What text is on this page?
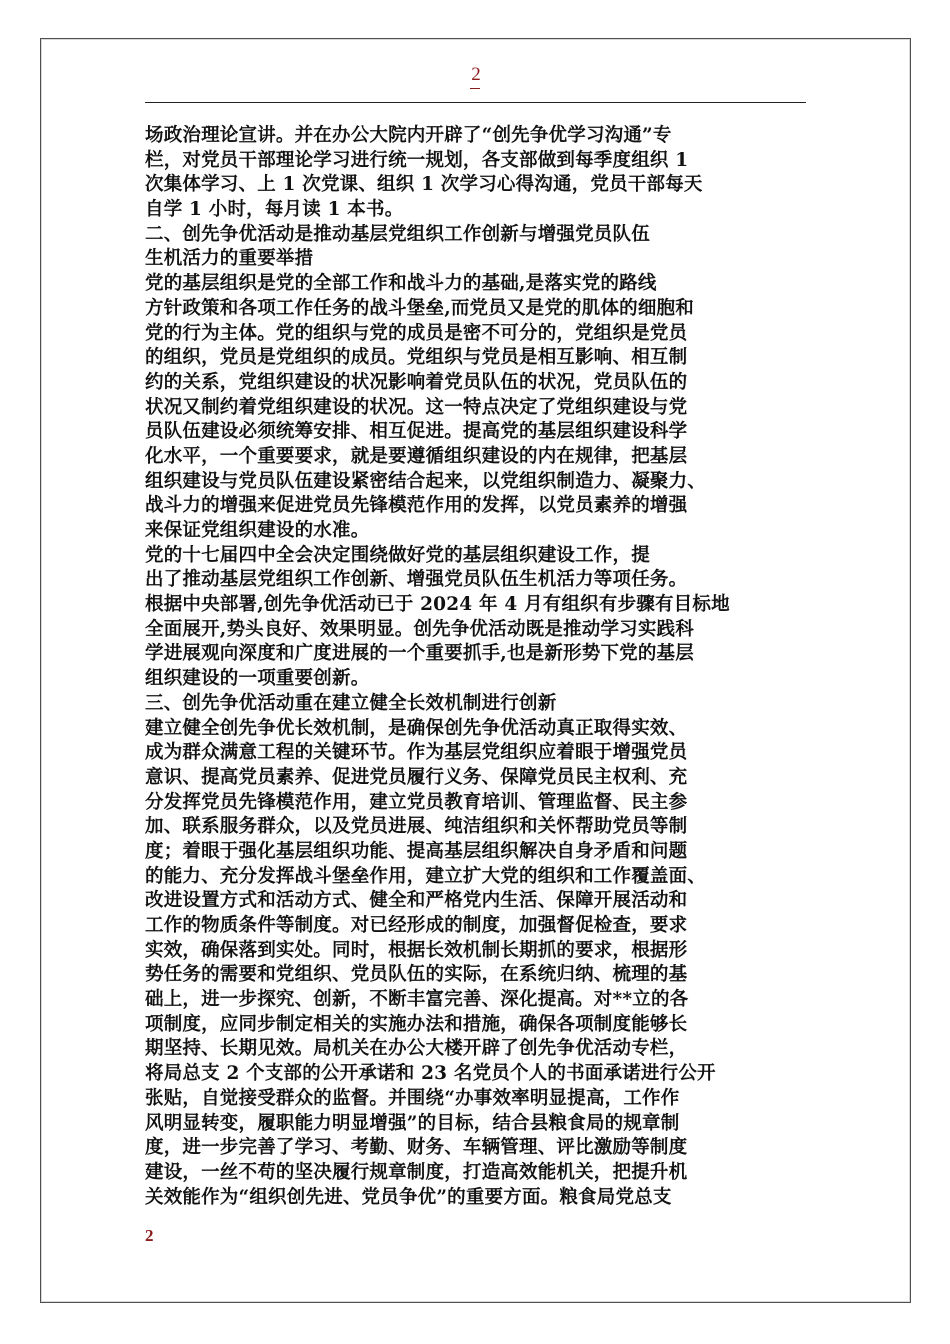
2
场政治理论宣讲。并在办公大院内开辟了“创先争优学习沟通”专
栏，对党员干部理论学习进行统一规划，各支部做到每季度组织 1
次集体学习、上 1 次党课、组织 1 次学习心得沟通，党员干部每天
自学 1 小时，每月读 1 本书。
二、创先争优活动是推动基层党组织工作创新与增强党员队伍
生机活力的重要举措
党的基层组织是党的全部工作和战斗力的基础,是落实党的路线
方针政策和各项工作任务的战斗堡垒,而党员又是党的肌体的细胞和
党的行为主体。党的组织与党的成员是密不可分的，党组织是党员
的组织，党员是党组织的成员。党组织与党员是相互影响、相互制
约的关系，党组织建设的状况影响着党员队伍的状况，党员队伍的
状况又制约着党组织建设的状况。这一特点决定了党组织建设与党
员队伍建设必须统筹安排、相互促进。提高党的基层组织建设科学
化水平，一个重要要求，就是要遵循组织建设的内在规律，把基层
组织建设与党员队伍建设紧密结合起来，以党组织制造力、凝聚力、
战斗力的增强来促进党员先锋模范作用的发挥，以党员素养的增强
来保证党组织建设的水准。
党的十七届四中全会决定围绕做好党的基层组织建设工作，提
出了推动基层党组织工作创新、增强党员队伍生机活力等项任务。
根据中央部署,创先争优活动已于 2024 年 4 月有组织有步骤有目标地
全面展开,势头良好、效果明显。创先争优活动既是推动学习实践科
学进展观向深度和广度进展的一个重要抓手,也是新形势下党的基层
组织建设的一项重要创新。
三、创先争优活动重在建立健全长效机制进行创新
建立健全创先争优长效机制，是确保创先争优活动真正取得实效、
成为群众满意工程的关键环节。作为基层党组织应着眼于增强党员
意识、提高党员素养、促进党员履行义务、保障党员民主权利、充
分发挥党员先锋模范作用，建立党员教育培训、管理监督、民主参
加、联系服务群众，以及党员进展、纯洁组织和关怀帮助党员等制
度；着眼于强化基层组织功能、提高基层组织解决自身矛盾和问题
的能力、充分发挥战斗堡垒作用，建立扩大党的组织和工作覆盖面、
改进设置方式和活动方式、健全和严格党内生活、保障开展活动和
工作的物质条件等制度。对已经形成的制度，加强督促检查，要求
实效，确保落到实处。同时，根据长效机制长期抓的要求，根据形
势任务的需要和党组织、党员队伍的实际，在系统归纳、梳理的基
础上，进一步探究、创新，不断丰富完善、深化提高。对**立的各
项制度，应同步制定相关的实施办法和措施，确保各项制度能够长
期坚持、长期见效。局机关在办公大楼开辟了创先争优活动专栏，
将局总支 2 个支部的公开承诺和 23 名党员个人的书面承诺进行公开
张贴，自觉接受群众的监督。并围绕“办事效率明显提高，工作作
风明显转变，履职能力明显增强”的目标，结合县粮食局的规章制
度，进一步完善了学习、考勤、财务、车辆管理、评比激励等制度
建设，一丝不苟的坚决履行规章制度，打造高效能机关，把提升机
关效能作为“组织创先进、党员争优”的重要方面。粮食局党总支
2
